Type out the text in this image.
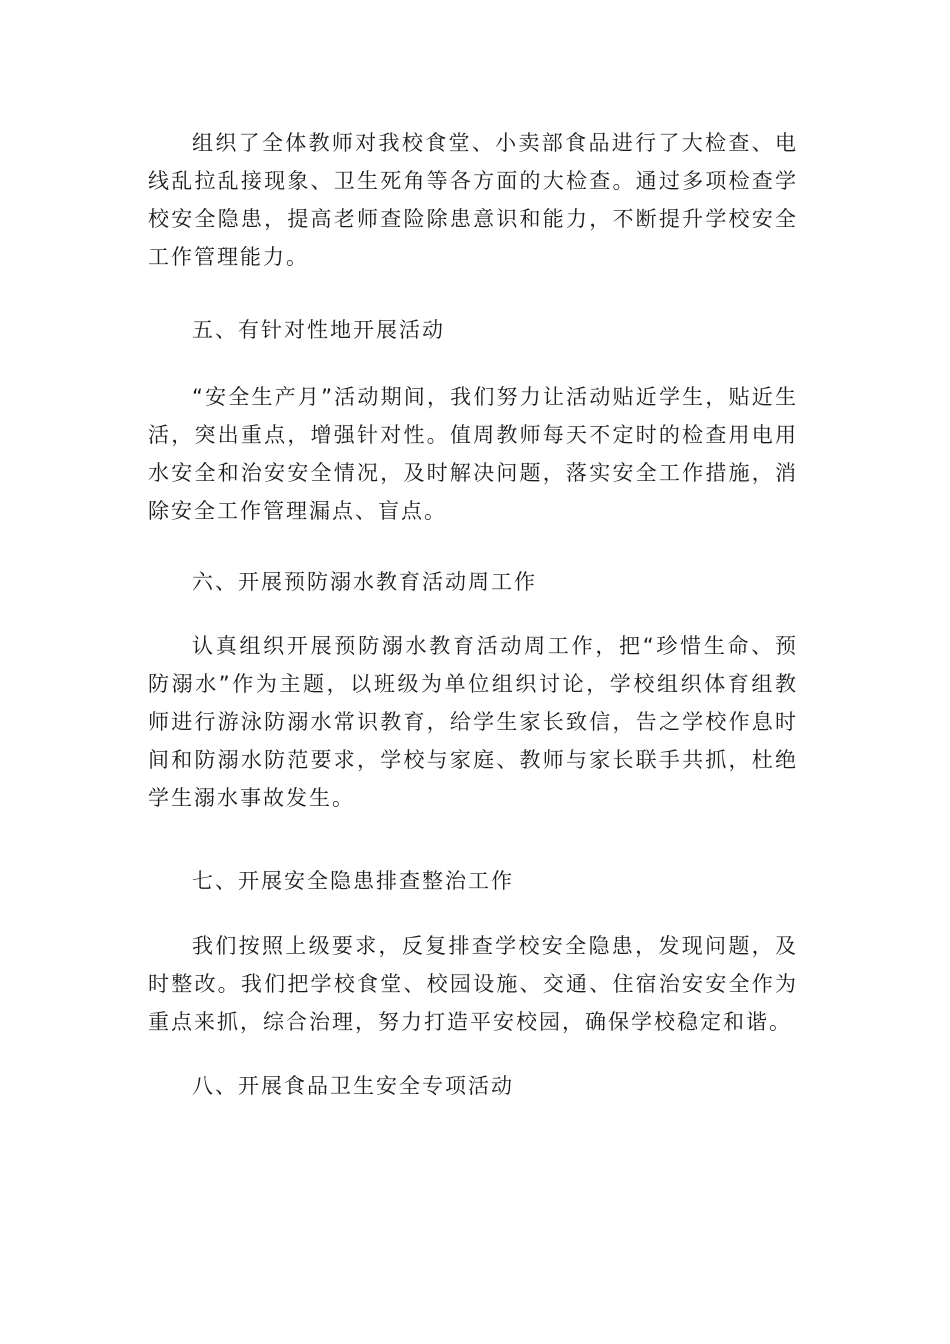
组织了全体教师对我校食堂、小卖部食品进行了大检查、电线乱拉乱接现象、卫生死角等各方面的大检查。通过多项检查学校安全隐患，提高老师查险除患意识和能力，不断提升学校安全工作管理能力。
五、有针对性地开展活动
“安全生产月”活动期间，我们努力让活动贴近学生，贴近生活，突出重点，增强针对性。值周教师每天不定时的检查用电用水安全和治安安全情况，及时解决问题，落实安全工作措施，消除安全工作管理漏点、盲点。
六、开展预防溺水教育活动周工作
认真组织开展预防溺水教育活动周工作，把“珍惜生命、预防溺水”作为主题，以班级为单位组织讨论，学校组织体育组教师进行游泳防溺水常识教育，给学生家长致信，告之学校作息时间和防溺水防范要求，学校与家庭、教师与家长联手共抓，杜绝学生溺水事故发生。
七、开展安全隐患排查整治工作
我们按照上级要求，反复排查学校安全隐患，发现问题，及时整改。我们把学校食堂、校园设施、交通、住宿治安安全作为重点来抓，综合治理，努力打造平安校园，确保学校稳定和谐。
八、开展食品卫生安全专项活动
